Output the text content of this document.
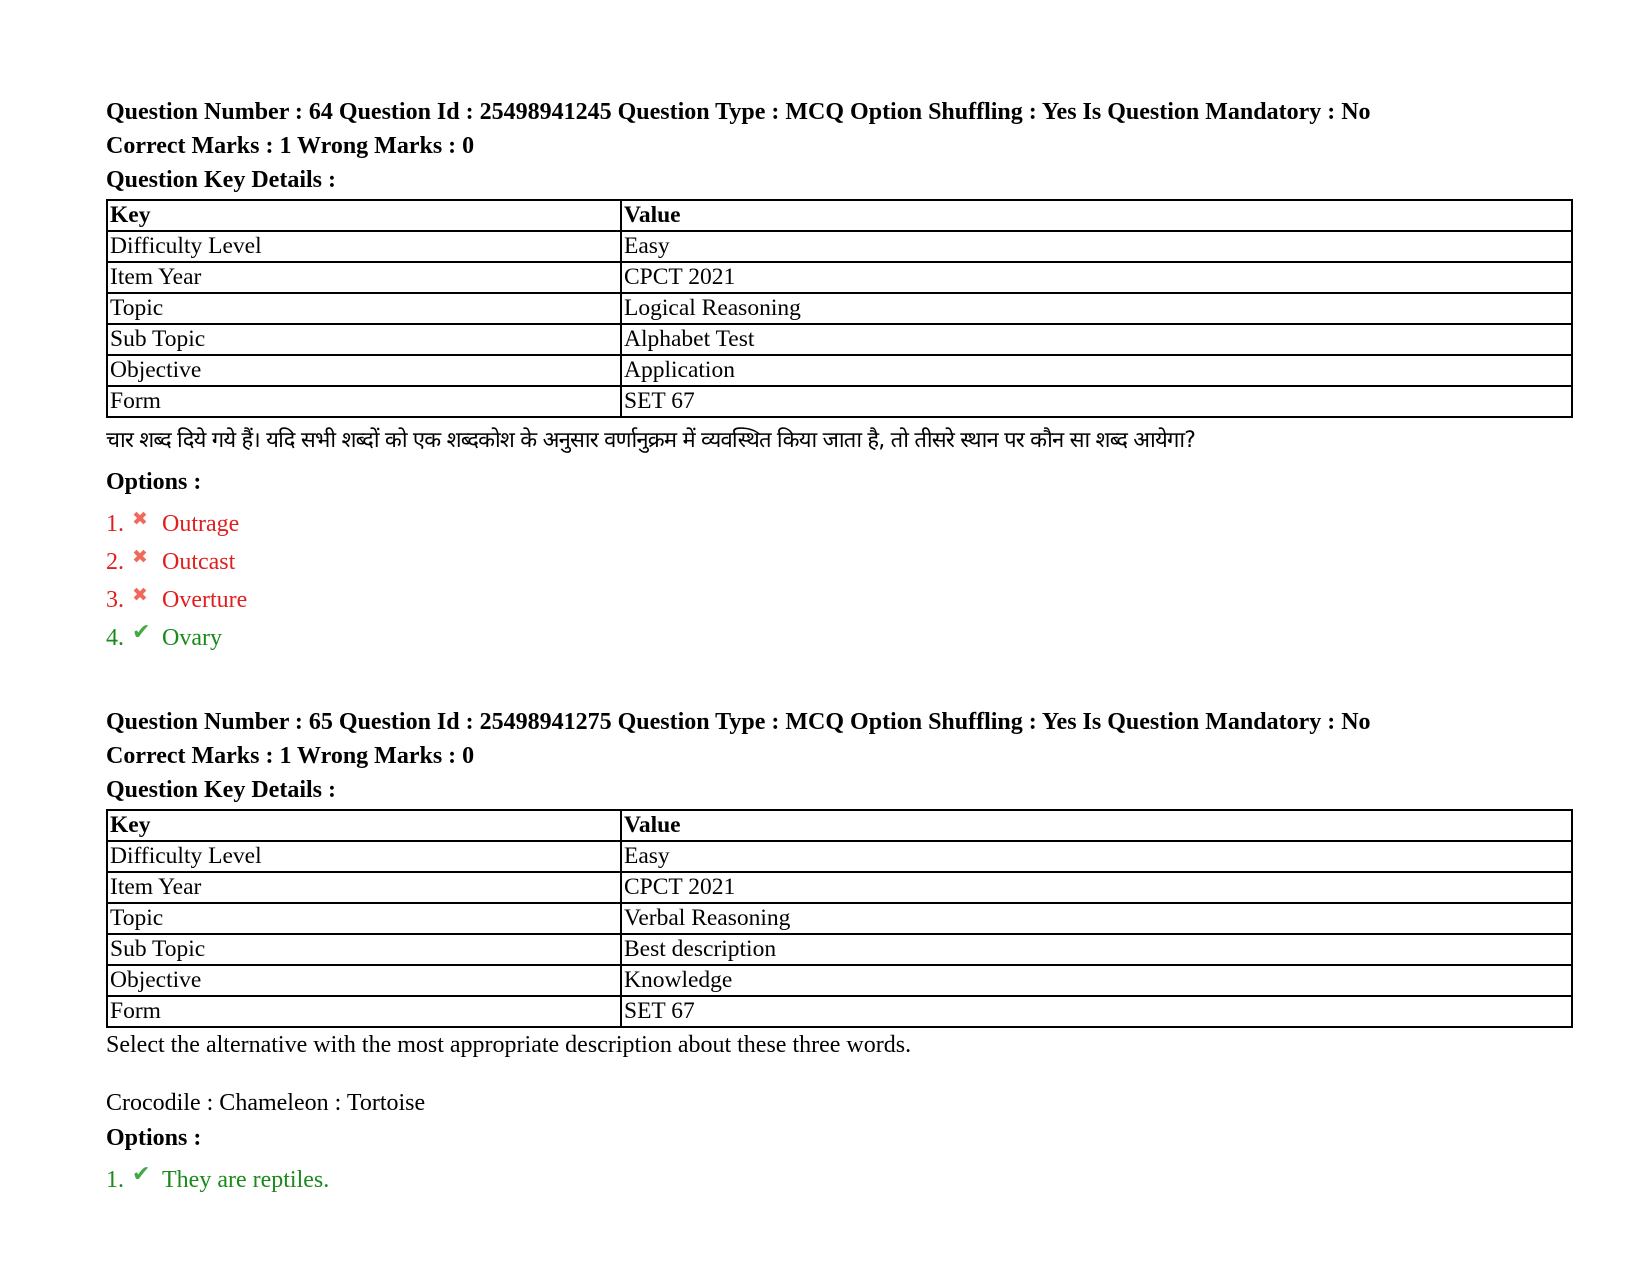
Question Number : 64 Question Id : 25498941245 Question Type : MCQ Option Shuffling : Yes Is Question Mandatory : No
Correct Marks : 1 Wrong Marks : 0
Question Key Details :
Key	Value
Difficulty Level	Easy
Item Year	CPCT 2021
Topic	Logical Reasoning
Sub Topic	Alphabet Test
Objective	Application
Form	SET 67
चार शब्द दिये गये हैं। यदि सभी शब्दों को एक शब्दकोश के अनुसार वर्णानुक्रम में व्यवस्थित किया जाता है, तो तीसरे स्थान पर कौन सा शब्द आयेगा?
Options :
1. ✖ Outrage
2. ✖ Outcast
3. ✖ Overture
4. ✔ Ovary
Question Number : 65 Question Id : 25498941275 Question Type : MCQ Option Shuffling : Yes Is Question Mandatory : No
Correct Marks : 1 Wrong Marks : 0
Question Key Details :
Key	Value
Difficulty Level	Easy
Item Year	CPCT 2021
Topic	Verbal Reasoning
Sub Topic	Best description
Objective	Knowledge
Form	SET 67
Select the alternative with the most appropriate description about these three words.
Crocodile : Chameleon : Tortoise
Options :
1. ✔ They are reptiles.
